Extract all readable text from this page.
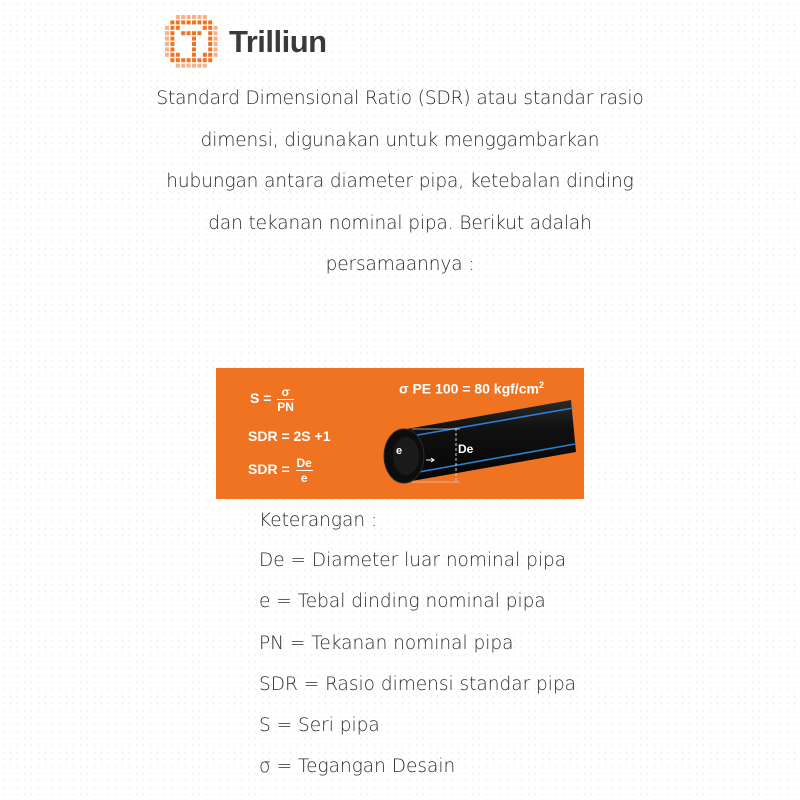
Trilliun
Standard Dimensional Ratio (SDR) atau standar rasio
dimensi, digunakan untuk menggambarkan
hubungan antara diameter pipa, ketebalan dinding
dan tekanan nominal pipa. Berikut adalah
persamaannya :
$S = \frac{\sigma}{PN}$
SDR = 2S +1
SDR = $\frac{De}{e}$
σ PE 100 = 80 kgf/$cm^2$
De
e
Keterangan :
De = Diameter luar nominal pipa
e = Tebal dinding nominal pipa
PN = Tekanan nominal pipa
SDR = Rasio dimensi standar pipa
S = Seri pipa
σ = Tegangan Desain
